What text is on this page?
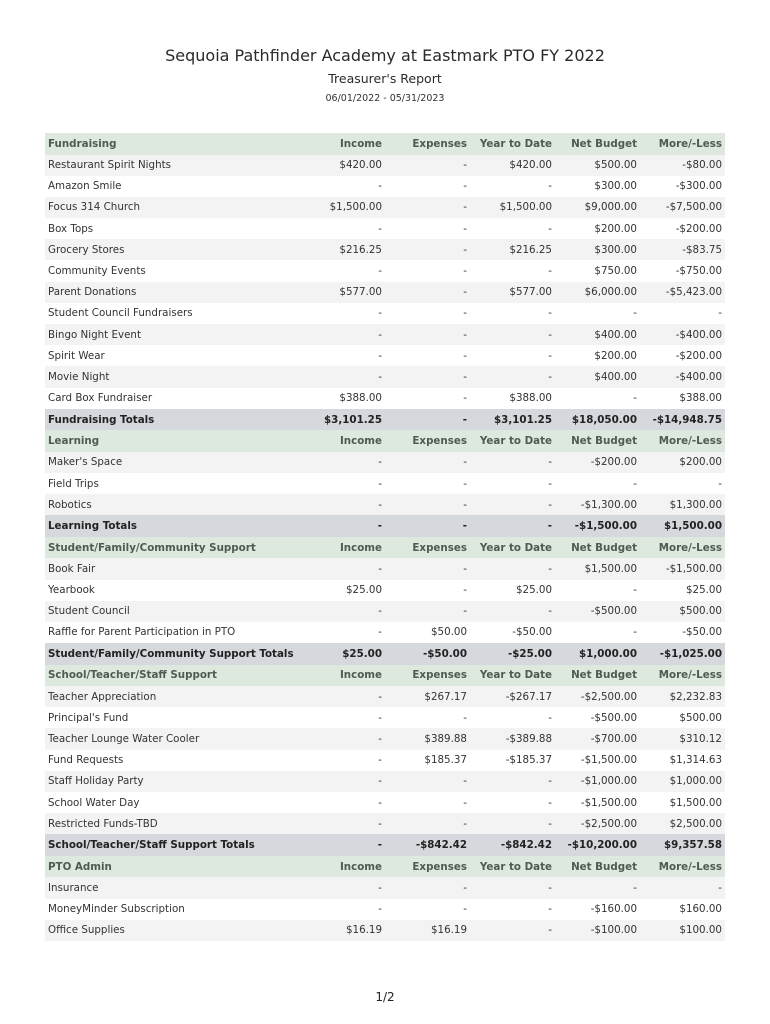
Sequoia Pathfinder Academy at Eastmark PTO FY 2022
Treasurer's Report
06/01/2022 - 05/31/2023
Fundraising	Income	Expenses	Year to Date	Net Budget	More/-Less
Restaurant Spirit Nights	$420.00	-	$420.00	$500.00	-$80.00
Amazon Smile	-	-	-	$300.00	-$300.00
Focus 314 Church	$1,500.00	-	$1,500.00	$9,000.00	-$7,500.00
Box Tops	-	-	-	$200.00	-$200.00
Grocery Stores	$216.25	-	$216.25	$300.00	-$83.75
Community Events	-	-	-	$750.00	-$750.00
Parent Donations	$577.00	-	$577.00	$6,000.00	-$5,423.00
Student Council Fundraisers	-	-	-	-	-
Bingo Night Event	-	-	-	$400.00	-$400.00
Spirit Wear	-	-	-	$200.00	-$200.00
Movie Night	-	-	-	$400.00	-$400.00
Card Box Fundraiser	$388.00	-	$388.00	-	$388.00
Fundraising Totals	$3,101.25	-	$3,101.25	$18,050.00	-$14,948.75
Learning	Income	Expenses	Year to Date	Net Budget	More/-Less
Maker's Space	-	-	-	-$200.00	$200.00
Field Trips	-	-	-	-	-
Robotics	-	-	-	-$1,300.00	$1,300.00
Learning Totals	-	-	-	-$1,500.00	$1,500.00
Student/Family/Community Support	Income	Expenses	Year to Date	Net Budget	More/-Less
Book Fair	-	-	-	$1,500.00	-$1,500.00
Yearbook	$25.00	-	$25.00	-	$25.00
Student Council	-	-	-	-$500.00	$500.00
Raffle for Parent Participation in PTO	-	$50.00	-$50.00	-	-$50.00
Student/Family/Community Support Totals	$25.00	-$50.00	-$25.00	$1,000.00	-$1,025.00
School/Teacher/Staff Support	Income	Expenses	Year to Date	Net Budget	More/-Less
Teacher Appreciation	-	$267.17	-$267.17	-$2,500.00	$2,232.83
Principal's Fund	-	-	-	-$500.00	$500.00
Teacher Lounge Water Cooler	-	$389.88	-$389.88	-$700.00	$310.12
Fund Requests	-	$185.37	-$185.37	-$1,500.00	$1,314.63
Staff Holiday Party	-	-	-	-$1,000.00	$1,000.00
School Water Day	-	-	-	-$1,500.00	$1,500.00
Restricted Funds-TBD	-	-	-	-$2,500.00	$2,500.00
School/Teacher/Staff Support Totals	-	-$842.42	-$842.42	-$10,200.00	$9,357.58
PTO Admin	Income	Expenses	Year to Date	Net Budget	More/-Less
Insurance	-	-	-	-	-
MoneyMinder Subscription	-	-	-	-$160.00	$160.00
Office Supplies	$16.19	$16.19	-	-$100.00	$100.00
1/2
